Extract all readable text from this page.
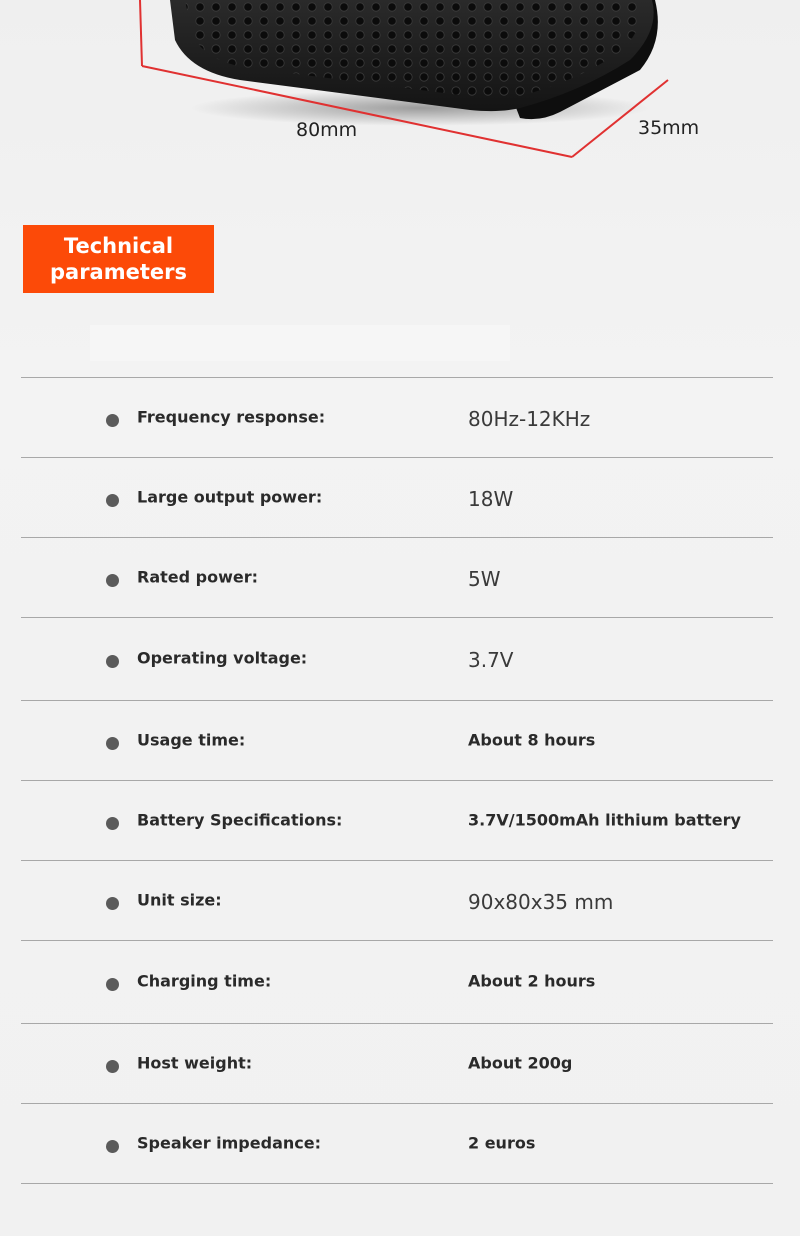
80mm	35mm
Technical parameters
Frequency response:	80Hz-12KHz
Large output power:	18W
Rated power:	5W
Operating voltage:	3.7V
Usage time:	About 8 hours
Battery Specifications:	3.7V/1500mAh lithium battery
Unit size:	90x80x35 mm
Charging time:	About 2 hours
Host weight:	About 200g
Speaker impedance:	2 euros
